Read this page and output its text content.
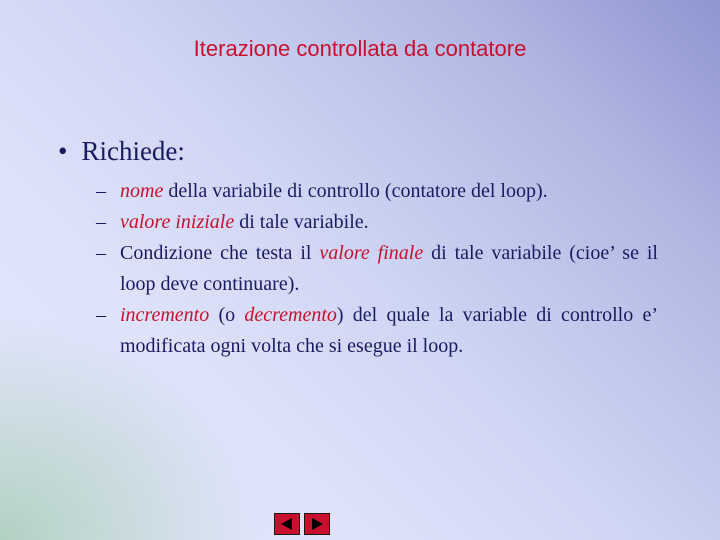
Iterazione controllata da contatore
• Richiede:
– nome della variabile di controllo (contatore del loop).
– valore iniziale di tale variabile.
– Condizione che testa il valore finale di tale variabile (cioe’ se il loop deve continuare).
– incremento (o decremento) del quale la variable di controllo e’ modificata ogni volta che si esegue il loop.
